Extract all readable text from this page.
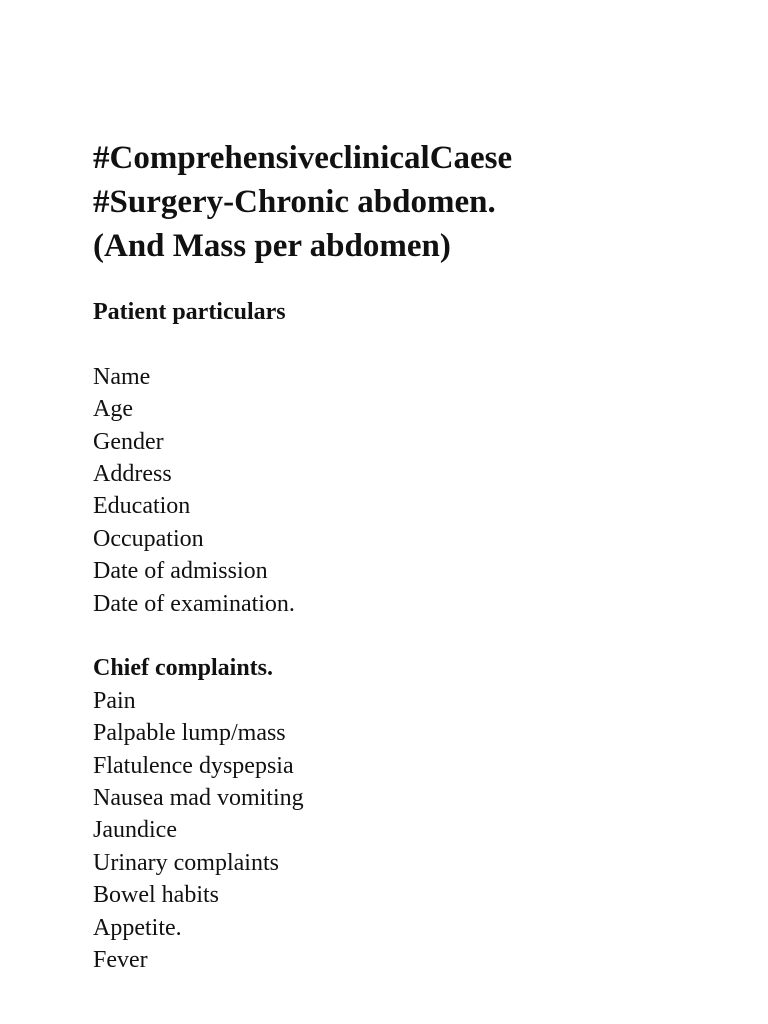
#ComprehensiveclinicalCaese
#Surgery-Chronic abdomen.
(And Mass per abdomen)
Patient particulars
Name
Age
Gender
Address
Education
Occupation
Date of admission
Date of examination.
Chief complaints.
Pain
Palpable lump/mass
Flatulence dyspepsia
Nausea mad vomiting
Jaundice
Urinary complaints
Bowel habits
Appetite.
Fever
